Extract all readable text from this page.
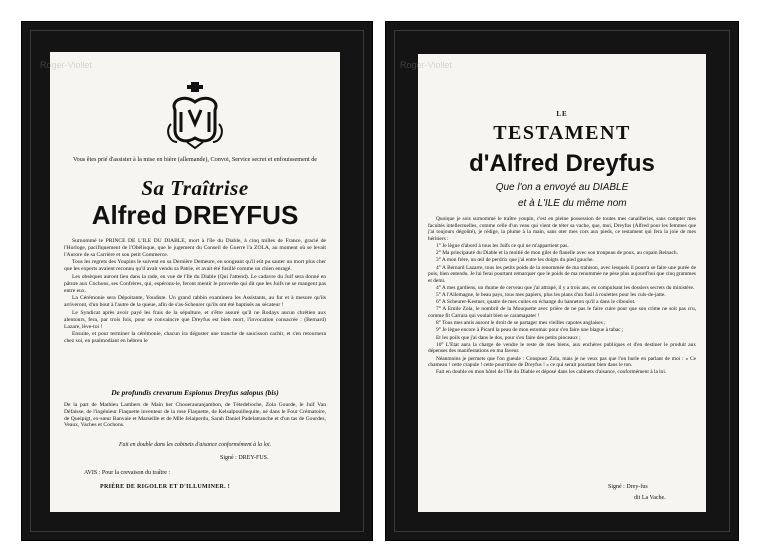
Vous êtes prié d'assister à la mise en bière (allemande), Convoi, Service secret et enfouissement de
Sa Traîtrise
Alfred DREYFUS

Surnommé le PRINCE DE L'ILE DU DIABLE, mort à l'île du Diable, à cinq milles de France, gracié de l'Horloge, pacifiquement de l'Obélisque, que le jugement du Conseil de Guerre l'a ZOLA, au moment où se levait l'Aurore de sa Carrière et son petit Commerce.

Tous les regrets des Youpins le suivent en sa Dernière Demeure, en songeant qu'il eût pu sauter un mort plus cher que les experts avaient reconnu qu'il avait vendu sa Patrie, et avait été fusillé comme un chien enragé.

Les obsèques auront lieu dans la rade, en vue de l'Ile du Diable (Qui l'attend). Le cadavre du Juif sera donné en pâture aux Cochons, ses Confrères, qui, espérons-le, feront mentir le proverbe qui dit que les Juifs ne se mangent pas entre eux.

La Cérémonie sera Dépoitante, Youdiste. Un grand rabbin examinera les Assistants, au fur et à mesure qu'ils arriveront, d'un bout à l'autre de la queue, afin de s'as-Scheurer qu'ils ont été baptisés au sécateur !

Le Syndicat après avoir payé les frais de la sépulture, et s'être assuré qu'il ne Rodays aucun chrétien aux alentours, fera, par trois fois, pour se convaincre que Dreyfus est bien mort, l'invocation consacrée : (Bernard) Lazare, lève-toi !

Ensuite, et pour terminer la cérémonie, chacun ira déguster une tranche de saucisson cachir, et s'en retournera chez soi, en psalmodiant en hébreu le

De profundis crevarum Espionus Dreyfus salopus (bis)
De la part de Mathieu Lambers de Main her Chouerautanjambon, de Tétedeboche, Zola Gourde, le Juif Van Défaisse, de l'ingénieur Flaquette inventeur de la rose Flaquette, de Kelsalpouillequite, né dans le Four Crématoire, de Queipigt, ex-sœur Banvaie et Marseille et de Mlle Jelaiperdu, Sarah Daniel Padelatranche et d'un tas de Gourdes, Veaux, Vaches et Cochons.
Fait en double dans les cabinets d'aisance conformément à la loi.
Signé : DREY-FUS.
AVIS : Pour la crevaison du traître :
PRIÈRE DE RIGOLER ET D'ILLUMINER. !
LE
TESTAMENT
d'Alfred Dreyfus
Que l'on a envoyé au DIABLE
et à L'ILE du même nom

Quoique je sois surnommé le traître youpin, c'est en pleine possession de toutes mes canailleries, sans compter mes facultés intellectuelles, comme celle d'un veau qui vient de téter sa vache, que, moi, Dreyfus (Alfred pour les femmes que j'ai toujours dégoûté), je rédige, la plume à la main, sans oter mes cors aux pieds, ce testament qui fera la joie de mes héritiers :

1° Je lègue d'abord à tous les Juifs ce qui ne m'appartient pas.

2° Ma principauté du Diable et la moitié de mon gilet de flanelle avec son tronpeau de poux, au copain Reinach.

3° A mon frère, un œil de perdrix que j'ai entre les doigts du pied gauche.

4° A Bernard Lazarre, tous les petits poids de la renommée de ma trahison, avec lesquels il pourra se faire une purée de pois, bien entendu. Je lui ferai pourtant remarquer que le poids de ma renommée ne pèse plus aujourd'hui que cinq grammes et demi.

4° A mes gardiens, un rhume de cerveau que j'ai attrapé, il y a trois ans, en compulsant les dossiers secrets du ministère.

5° A l'Allemagne, le beau pays, tous mes papiers, plus les plans d'un fusil à roulettes pour les culs-de-jatte.

6° A Scheurer-Kestner, quatre de mes cuites en échange du hanneton qu'il a dans le ciboulot.

7° A Emile Zola, le nombril de la Mouquette avec prière de ne pas le faire cuire pour que son crime ne soit pas cru, comme fit Carrara qui voulait bien se caramapater !

8° Tous mes amis auront le droit de se partager mes vieilles capotes anglaises ;

9° Je lègue encore à Picard la peau de mon estomac pour s'en faire une blague à tabac ;

Et les poils que j'ai dans le dos, pour s'en faire des petits pinceaux ;

10° L'Etat aura la charge de vendre le reste de mes biens, aux enchères publiques et d'en destiner le produit aux dépenses des manifestations en ma faveur.

Néanmoins je permets que l'on gueule : Conspuez Zola, mais je ne veux pas que l'on hurle en parlant de moi : « Ce chameau ! cette crapule ! cette pourriture de Dreyfus ! » ce qui serait pourtant bien dans le ton.

Fait en double en mon hôtel de l'Ile du Diable et déposé dans les cabinets d'aisance, conformément à la loi.

Signé : Drey-fus
dit La Vache.
Roger-Viollet	Roger-Viollet
